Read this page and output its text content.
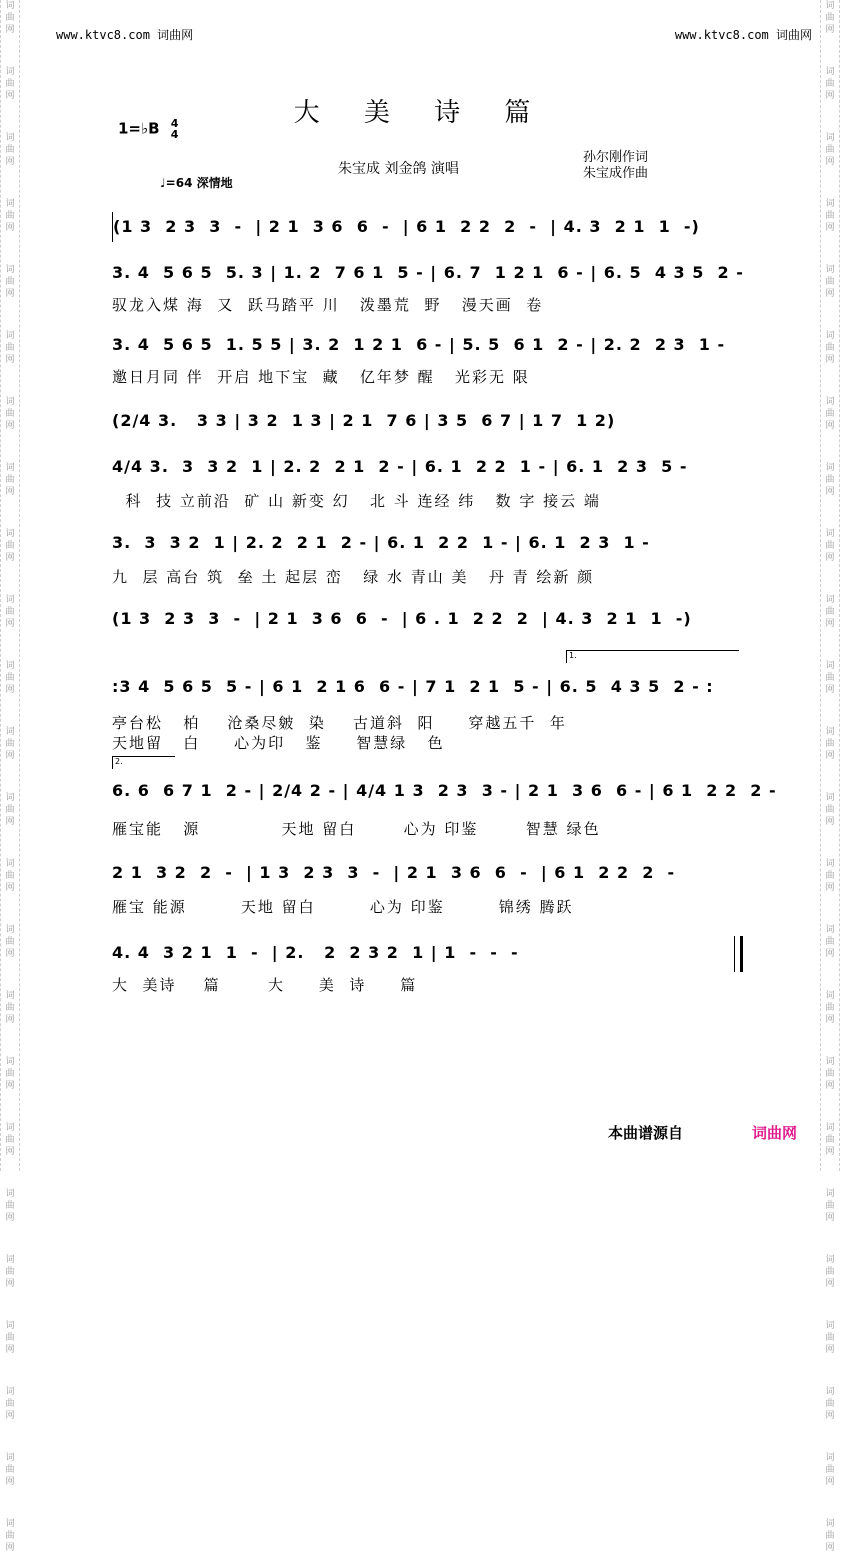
词
曲
网
词
曲
网
词
曲
网
词
曲
网
词
曲
网
词
曲
网
词
曲
网
词
曲
网
词
曲
网
词
曲
网
词
曲
网
词
曲
网
词
曲
网
词
曲
网
词
曲
网
词
曲
网
词
曲
网
词
曲
网
词
曲
网
词
曲
网
词
曲
网
词
曲
网
词
曲
网
词
曲
网
词
曲
网
词
曲
网
词
曲
网
词
曲
网
词
曲
网
词
曲
网
词
曲
网
词
曲
网
词
曲
网
词
曲
网
词
曲
网
词
曲
网
词
曲
网
词
曲
网
词
曲
网
词
曲
网
词
曲
网
词
曲
网
词
曲
网
词
曲
网
词
曲
网
词
曲
网
词
曲
网
词
曲
网
www.ktvc8.com 词曲网	www.ktvc8.com 词曲网
大 美 诗 篇
1=♭B 4
4
♩=64 深情地
朱宝成 刘金鸽 演唱
孙尔刚作词
朱宝成作曲
(1 3  2 3  3  -  | 2 1  3 6  6  -  | 6 1  2 2  2  -  | 4. 3  2 1  1  -)
3. 4  5 6 5  5. 3 | 1. 2  7 6 1  5 - | 6. 7  1 2 1  6 - | 6. 5  4 3 5  2 -
驭龙入煤 海  又  跃马踏平 川   泼墨荒  野   漫天画  卷
3. 4  5 6 5  1. 5 5 | 3. 2  1 2 1  6 - | 5. 5  6 1  2 - | 2. 2  2 3  1 -
邀日月同 伴  开启 地下宝  藏   亿年梦 醒   光彩无 限
(2/4 3.   3 3 | 3 2  1 3 | 2 1  7 6 | 3 5  6 7 | 1 7  1 2)
4/4 3.  3  3 2  1 | 2. 2  2 1  2 - | 6. 1  2 2  1 - | 6. 1  2 3  5 -
科  技 立前沿  矿 山 新变 幻   北 斗 连经 纬   数 字 接云 端
3.  3  3 2  1 | 2. 2  2 1  2 - | 6. 1  2 2  1 - | 6. 1  2 3  1 -
九  层 高台 筑  垒 土 起层 峦   绿 水 青山 美   丹 青 绘新 颜
(1 3  2 3  3  -  | 2 1  3 6  6  -  | 6 . 1  2 2  2  | 4. 3  2 1  1  -)
1.
:3 4  5 6 5  5 - | 6 1  2 1 6  6 - | 7 1  2 1  5 - | 6. 5  4 3 5  2 - :
亭台松   柏    沧桑尽皴  染    古道斜  阳     穿越五千  年
天地留   白     心为印   鉴     智慧绿   色
2.
6. 6  6 7 1  2 - | 2/4 2 - | 4/4 1 3  2 3  3 - | 2 1  3 6  6 - | 6 1  2 2  2 -
雁宝能   源            天地 留白       心为 印鉴       智慧 绿色
2 1  3 2  2  -  | 1 3  2 3  3  -  | 2 1  3 6  6  -  | 6 1  2 2  2  -
雁宝 能源        天地 留白        心为 印鉴        锦绣 腾跃
4. 4  3 2 1  1  -  | 2.   2  2 3 2  1 | 1  -  -  -
大  美诗    篇       大     美  诗     篇
本曲谱源自	词曲网
